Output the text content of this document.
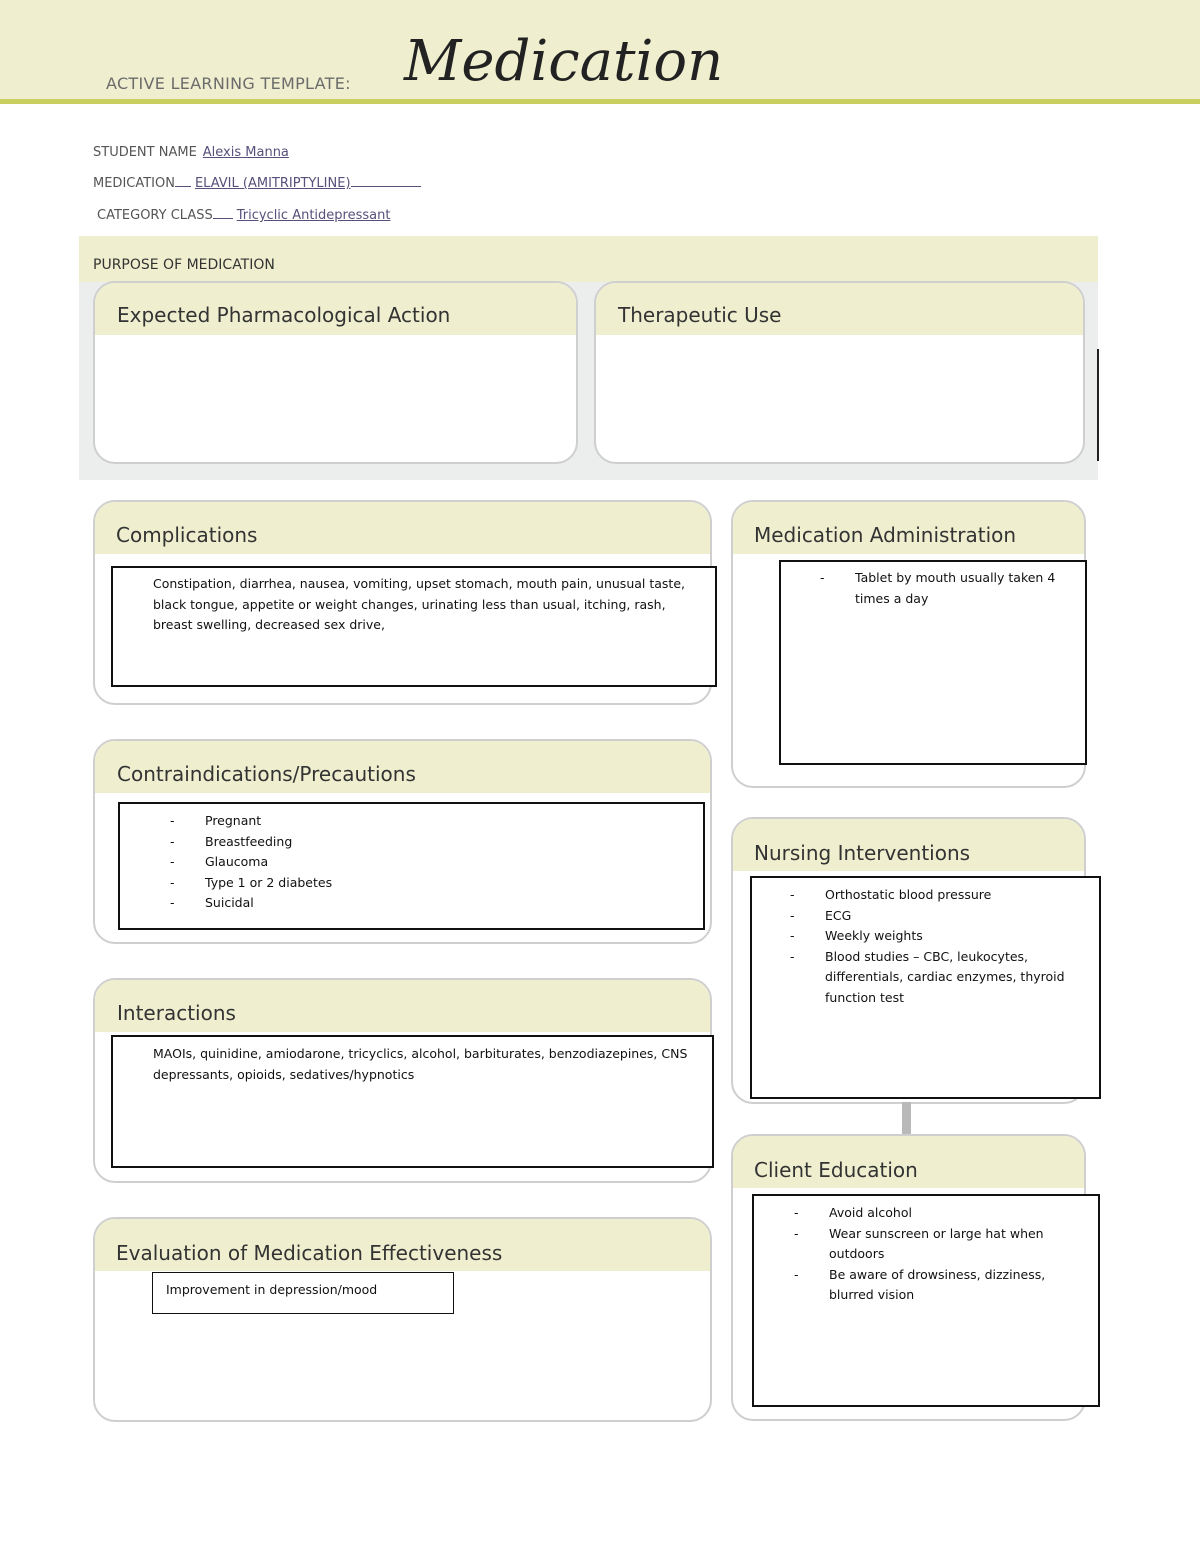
ACTIVE LEARNING TEMPLATE: Medication
STUDENT NAME Alexis Manna
MEDICATION ELAVIL (AMITRIPTYLINE)
CATEGORY CLASS Tricyclic Antidepressant
PURPOSE OF MEDICATION
Expected Pharmacological Action	Therapeutic Use
Complications
Constipation, diarrhea, nausea, vomiting, upset stomach, mouth pain, unusual taste, black tongue, appetite or weight changes, urinating less than usual, itching, rash, breast swelling, decreased sex drive,
Medication Administration
- Tablet by mouth usually taken 4 times a day
Contraindications/Precautions
- Pregnant
- Breastfeeding
- Glaucoma
- Type 1 or 2 diabetes
- Suicidal
Nursing Interventions
- Orthostatic blood pressure
- ECG
- Weekly weights
- Blood studies – CBC, leukocytes, differentials, cardiac enzymes, thyroid function test
Interactions
MAOIs, quinidine, amiodarone, tricyclics, alcohol, barbiturates, benzodiazepines, CNS depressants, opioids, sedatives/hypnotics
Client Education
- Avoid alcohol
- Wear sunscreen or large hat when outdoors
- Be aware of drowsiness, dizziness, blurred vision
Evaluation of Medication Effectiveness
Improvement in depression/mood
